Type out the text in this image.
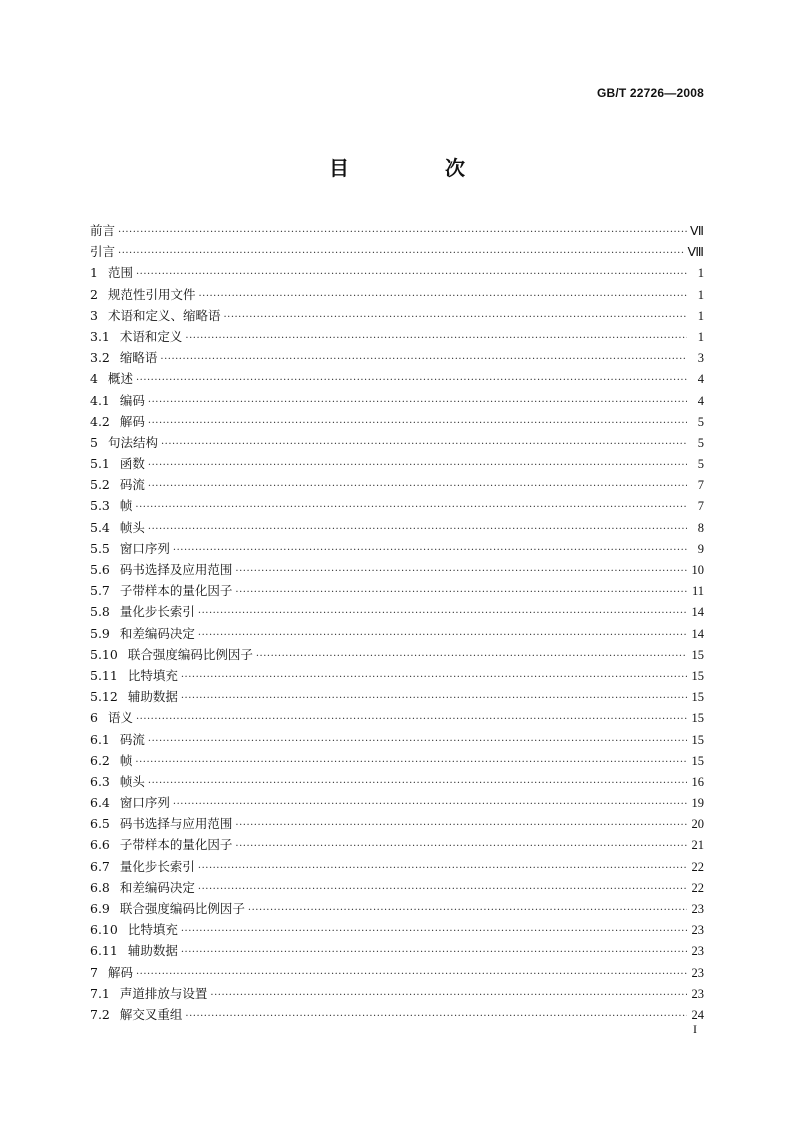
GB/T 22726—2008
目　次
前言 ·····	Ⅶ
引言 ·····	Ⅷ
1 范围 ·····	1
2 规范性引用文件 ·····	1
3 术语和定义、缩略语 ·····	1
3.1 术语和定义 ·····	1
3.2 缩略语 ·····	3
4 概述 ·····	4
4.1 编码 ·····	4
4.2 解码 ·····	5
5 句法结构 ·····	5
5.1 函数 ·····	5
5.2 码流 ·····	7
5.3 帧 ·····	7
5.4 帧头 ·····	8
5.5 窗口序列 ·····	9
5.6 码书选择及应用范围 ·····	10
5.7 子带样本的量化因子 ·····	11
5.8 量化步长索引 ·····	14
5.9 和差编码决定 ·····	14
5.10 联合强度编码比例因子 ·····	15
5.11 比特填充 ·····	15
5.12 辅助数据 ·····	15
6 语义 ·····	15
6.1 码流 ·····	15
6.2 帧 ·····	15
6.3 帧头 ·····	16
6.4 窗口序列 ·····	19
6.5 码书选择与应用范围 ·····	20
6.6 子带样本的量化因子 ·····	21
6.7 量化步长索引 ·····	22
6.8 和差编码决定 ·····	22
6.9 联合强度编码比例因子 ·····	23
6.10 比特填充 ·····	23
6.11 辅助数据 ·····	23
7 解码 ·····	23
7.1 声道排放与设置 ·····	23
7.2 解交叉重组 ·····	24
I
